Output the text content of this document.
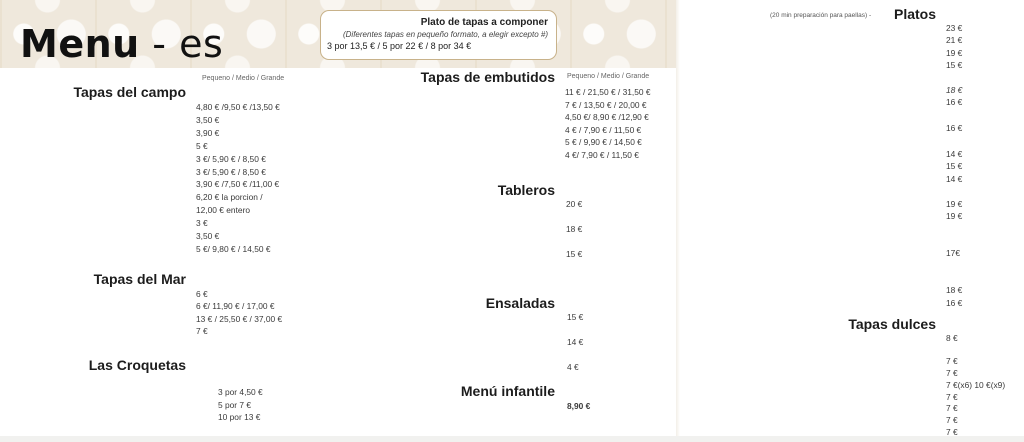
Menu - es	Plato de tapas a componer
(Diferentes tapas en pequeño formato, a elegir excepto #)
3 por 13,5 € / 5 por 22 € / 8 por 34 €
Pequeno / Medio / Grande
Tapas del campo
4,80 € /9,50 € /13,50 €
3,50 €
3,90 €
5 €
3 €/ 5,90 € / 8,50 €
3 €/ 5,90 € / 8,50 €
3,90 € /7,50 € /11,00 €
6,20 € la porcion /
12,00 € entero
3 €
3,50 €
5 €/ 9,80 € / 14,50 €
Tapas del Mar
6 €
6 €/ 11,90 € / 17,00 €
13 € / 25,50 € / 37,00 €
7 €
Las Croquetas
3 por 4,50 €
5 por 7 €
10 por 13 €
Tapas de embutidos Pequeno / Medio / Grande
11 € / 21,50 € / 31,50 €
7 € / 13,50 € / 20,00 €
4,50 €/ 8,90 € /12,90 €
4 € / 7,90 € / 11,50 €
5 € / 9,90 € / 14,50 €
4 €/ 7,90 € / 11,50 €
Tableros
20 €
18 €
15 €
Ensaladas
15 €
14 €
4 €
Menú infantile
8,90 €
(20 min preparación para paellas) - Platos
23 €
21 €
19 €
15 €
18 €
16 €
16 €
14 €
15 €
14 €
19 €
19 €
17€
18 €
16 €
Tapas dulces
8 €
7 €
7 €
7 €(x6) 10 €(x9)
7 €
7 €
7 €
7 €
